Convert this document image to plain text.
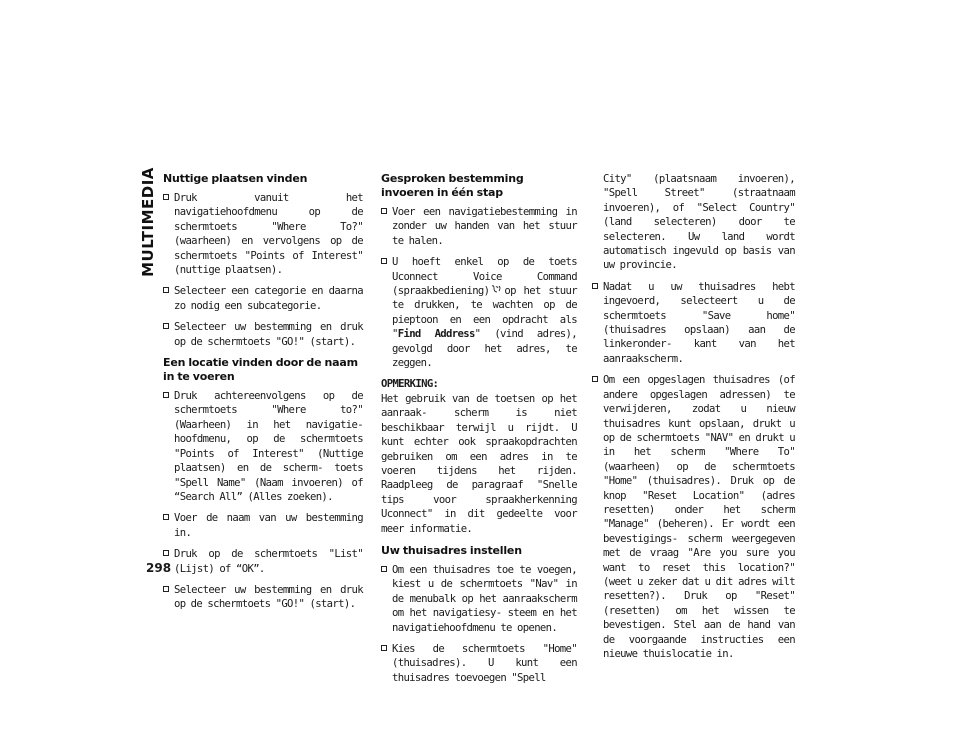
MULTIMEDIA
298
Nuttige plaatsen vinden
Druk vanuit het navigatiehoofdmenu op de schermtoets "Where To?" (waarheen) en vervolgens op de schermtoets "Points of Interest" (nuttige plaatsen).
Selecteer een categorie en daarna zo nodig een subcategorie.
Selecteer uw bestemming en druk op de schermtoets "GO!" (start).
Een locatie vinden door de naam in te voeren
Druk achtereenvolgens op de schermtoets "Where to?" (Waarheen) in het navigatie- hoofdmenu, op de schermtoets "Points of Interest" (Nuttige plaatsen) en de scherm- toets "Spell Name" (Naam invoeren) of “Search All” (Alles zoeken).
Voer de naam van uw bestemming in.
Druk op de schermtoets "List" (Lijst) of “OK”.
Selecteer uw bestemming en druk op de schermtoets "GO!" (start).
Gesproken bestemming invoeren in één stap
Voer een navigatiebestemming in zonder uw handen van het stuur te halen.
U hoeft enkel op de toets Uconnect Voice Command (spraakbediening) op het stuur te drukken, te wachten op de pieptoon en een opdracht als "Find Address" (vind adres), gevolgd door het adres, te zeggen.

OPMERKING:
Het gebruik van de toetsen op het aanraak- scherm is niet beschikbaar terwijl u rijdt. U kunt echter ook spraakopdrachten gebruiken om een adres in te voeren tijdens het rijden. Raadpleeg de paragraaf "Snelle tips voor spraakherkenning Uconnect" in dit gedeelte voor meer informatie.

Uw thuisadres instellen
Om een thuisadres toe te voegen, kiest u de schermtoets "Nav" in de menubalk op het aanraakscherm om het navigatiesy- steem en het navigatiehoofdmenu te openen.
Kies de schermtoets "Home" (thuisadres). U kunt een thuisadres toevoegen "Spell
City" (plaatsnaam invoeren), "Spell Street" (straatnaam invoeren), of "Select Country" (land selecteren) door te selecteren. Uw land wordt automatisch ingevuld op basis van uw provincie.
Nadat u uw thuisadres hebt ingevoerd, selecteert u de schermtoets "Save home" (thuisadres opslaan) aan de linkeronder- kant van het aanraakscherm.
Om een opgeslagen thuisadres (of andere opgeslagen adressen) te verwijderen, zodat u nieuw thuisadres kunt opslaan, drukt u op de schermtoets "NAV" en drukt u in het scherm "Where To" (waarheen) op de schermtoets "Home" (thuisadres). Druk op de knop "Reset Location" (adres resetten) onder het scherm "Manage" (beheren). Er wordt een bevestigings- scherm weergegeven met de vraag "Are you sure you want to reset this location?" (weet u zeker dat u dit adres wilt resetten?). Druk op "Reset" (resetten) om het wissen te bevestigen. Stel aan de hand van de voorgaande instructies een nieuwe thuislocatie in.
